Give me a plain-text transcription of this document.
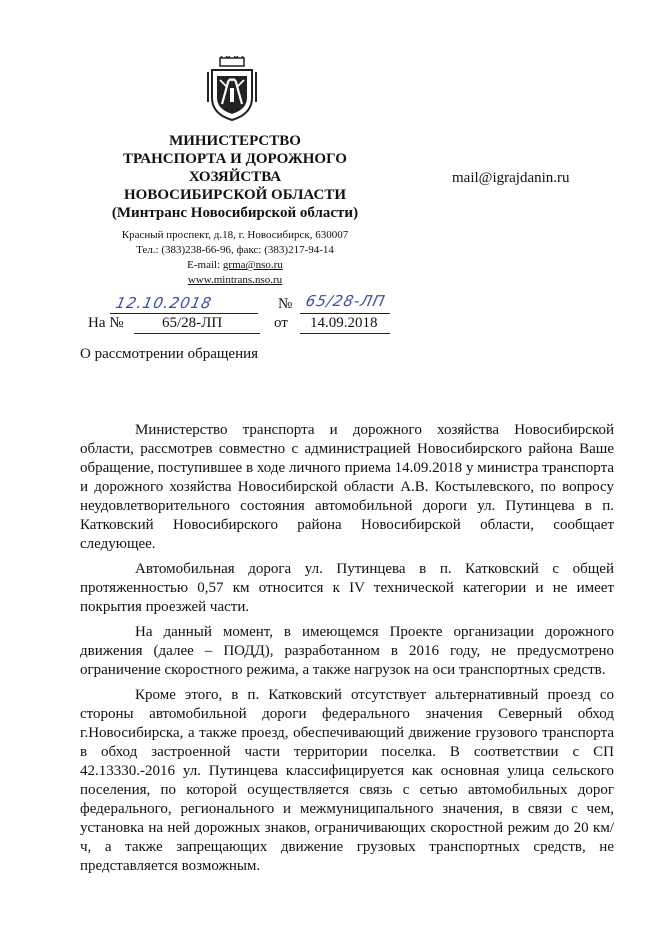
МИНИСТЕРСТВО
ТРАНСПОРТА И ДОРОЖНОГО
ХОЗЯЙСТВА
НОВОСИБИРСКОЙ ОБЛАСТИ
(Минтранс Новосибирской области)
Красный проспект, д.18, г. Новосибирск, 630007
Тел.: (383)238-66-96, факс: (383)217-94-14
E-mail: grma@nso.ru
www.mintrans.nso.ru
mail@igrajdanin.ru
12.10.2018	№ 65/28-ЛП
На №	65/28-ЛП	от 14.09.2018
О рассмотрении обращения

Министерство транспорта и дорожного хозяйства Новосибирской области, рассмотрев совместно с администрацией Новосибирского района Ваше обращение, поступившее в ходе личного приема 14.09.2018 у министра транспорта и дорожного хозяйства Новосибирской области А.В. Костылевского, по вопросу неудовлетворительного состояния автомобильной дороги ул. Путинцева в п. Катковский Новосибирского района Новосибирской области, сообщает следующее.

Автомобильная дорога ул. Путинцева в п. Катковский с общей протяженностью 0,57 км относится к IV технической категории и не имеет покрытия проезжей части.

На данный момент, в имеющемся Проекте организации дорожного движения (далее – ПОДД), разработанном в 2016 году, не предусмотрено ограничение скоростного режима, а также нагрузок на оси транспортных средств.

Кроме этого, в п. Катковский отсутствует альтернативный проезд со стороны автомобильной дороги федерального значения Северный обход г.Новосибирска, а также проезд, обеспечивающий движение грузового транспорта в обход застроенной части территории поселка. В соответствии с СП 42.13330.-2016 ул. Путинцева классифицируется как основная улица сельского поселения, по которой осуществляется связь с сетью автомобильных дорог федерального, регионального и межмуниципального значения, в связи с чем, установка на ней дорожных знаков, ограничивающих скоростной режим до 20 км/ч, а также запрещающих движение грузовых транспортных средств, не представляется возможным.
